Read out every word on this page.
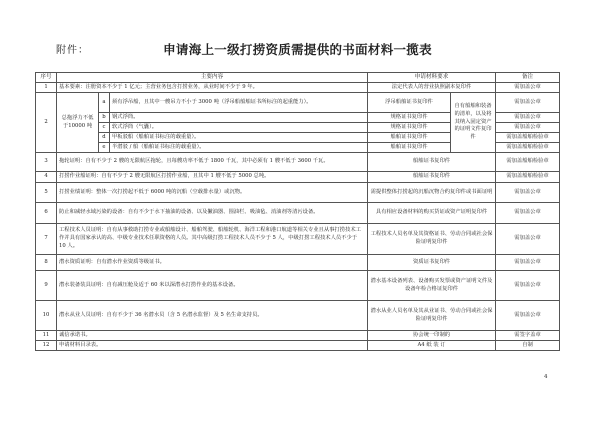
附件：	申请海上一级打捞资质需提供的书面材料一揽表
序号	主要内容			申请材料要求		备注
1	基本要素：注册资本不少于 1 亿元；主营业务包含打捞业务，从业时间不少于 9 年。			法定代表人的营业执照副本复印件		需加盖公章
2	总拖浮力不低于10000 吨	a	须有浮吊船，且其中一艘吊力不小于 3000 吨（浮吊船船舶证书所标注的起重能力）。	浮吊船舶证书复印件	自有船舶和装备的清单，以及将其纳入固定资产的证明文件复印件	需加盖公章
		b	钢式浮筒。	规格证书复印件		需加盖公章
		c	软式浮筒（气囊）。	规格证书复印件		需加盖公章
		d	甲板驳船（船舶证书标注的载重量）。	船舶证书复印件		需加盖船舶检验章
		e	半潜驳 / 船（船舶证书标注的载重量）。	船舶证书复印件		需加盖船舶检验章
3	拖轮证明：自有不少于 2 艘的无限航区拖轮，且每艘功率不低于 1800 千瓦，其中必须有 1 艘不低于 3600 千瓦。			船舶证书复印件		需加盖船舶检验章
4	打捞作业船证明：自有不少于 2 艘无限航区打捞作业船，且其中 1 艘不低于 5000 总吨。			船舶证书复印件		需加盖船舶检验章
5	打捞业绩证明：整体一次打捞起不低于 6000 吨的沉船（空载排水量）或沉物。			需提供整体打捞起的沉船沉物合约复印件或书面证明		需加盖公章
6	防止和减轻水域污染的设备：自有不少于水下抽油的设备、以及撇油器、围油栏、吸油毡、消油剂等清污设备。			具有相应设备材料的购买货证或资产证明复印件		需加盖公章
7	工程技术人员证明：自有从事救助打捞专业或船舶设计、船舶驾驶、船舶轮机、海洋工程和港口航道等相关专业且从事打捞技术工作并具有国家承认的高、中级专业技术任职资格的人员。其中高级打捞工程技术人员不少于 5 人，中级打捞工程技术人员不少于 10 人。			工程技术人员名单及其资格证书、劳动合同或社会保险证明复印件		需加盖公章
8	潜水资质证明：自有潜水作业资质等级证书。			资质证书复印件		需加盖公章
9	潜水装备装具证明：自有减压舱及适于 60 米以深潜水打捞作业的基本设备。			潜水基本设备列表、设备购买发票或资产证明文件及设备年检合格证复印件		需加盖公章
10	潜水从业人员证明：自有不少于 36 名潜水员（含 5 名潜水监督）及 5 名生命支持员。			潜水从业人员名单及其从业证书、劳动合同或社会保险证明复印件		需加盖公章
11	诚信承诺书。			协会统一印制的		需签字盖章
12	申请材料目录表。			A4 纸 装 订		自制
4
